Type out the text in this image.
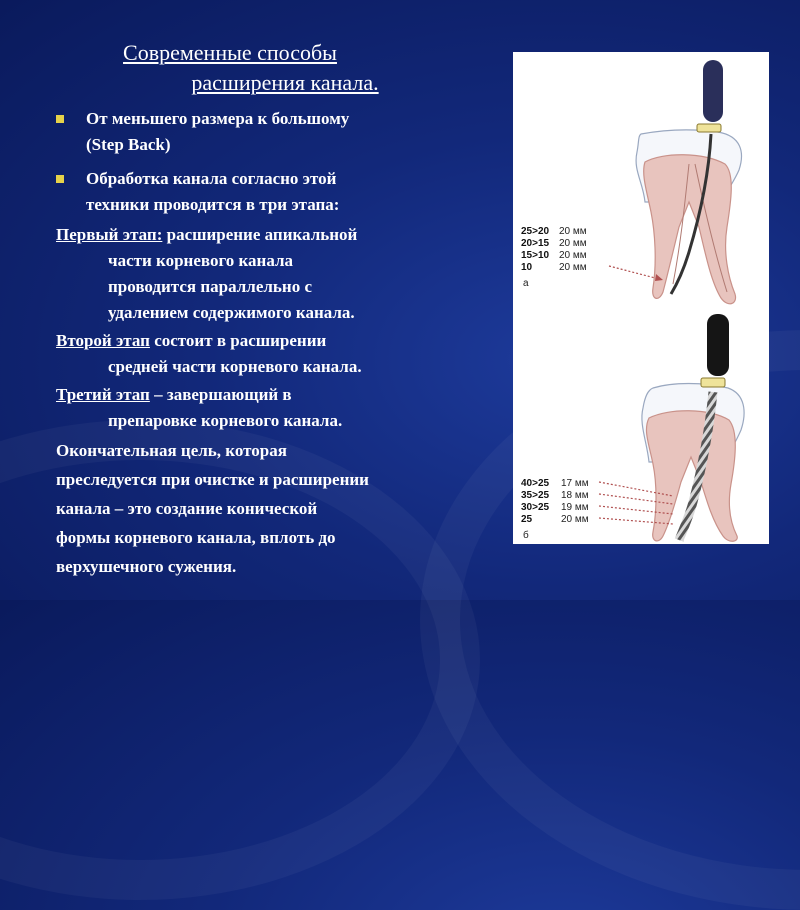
Современные способы
расширения канала.
От меньшего размера к большому
(Step Back)
Обработка канала согласно этой
техники проводится в три этапа:
Первый этап: расширение апикальной
части корневого канала
проводится параллельно с
удалением содержимого канала.
Второй этап состоит в расширении
средней части корневого канала.
Третий этап – завершающий в
препаровке корневого канала.
Окончательная цель, которая
преследуется при очистке и расширении
канала – это создание конической
формы корневого канала, вплоть до
верхушечного сужения.
25>20 20 мм
20>15 20 мм
15>10 20 мм
10	20 мм
а
40>25 17 мм
35>25 18 мм
30>25 19 мм
25	20 мм
б
